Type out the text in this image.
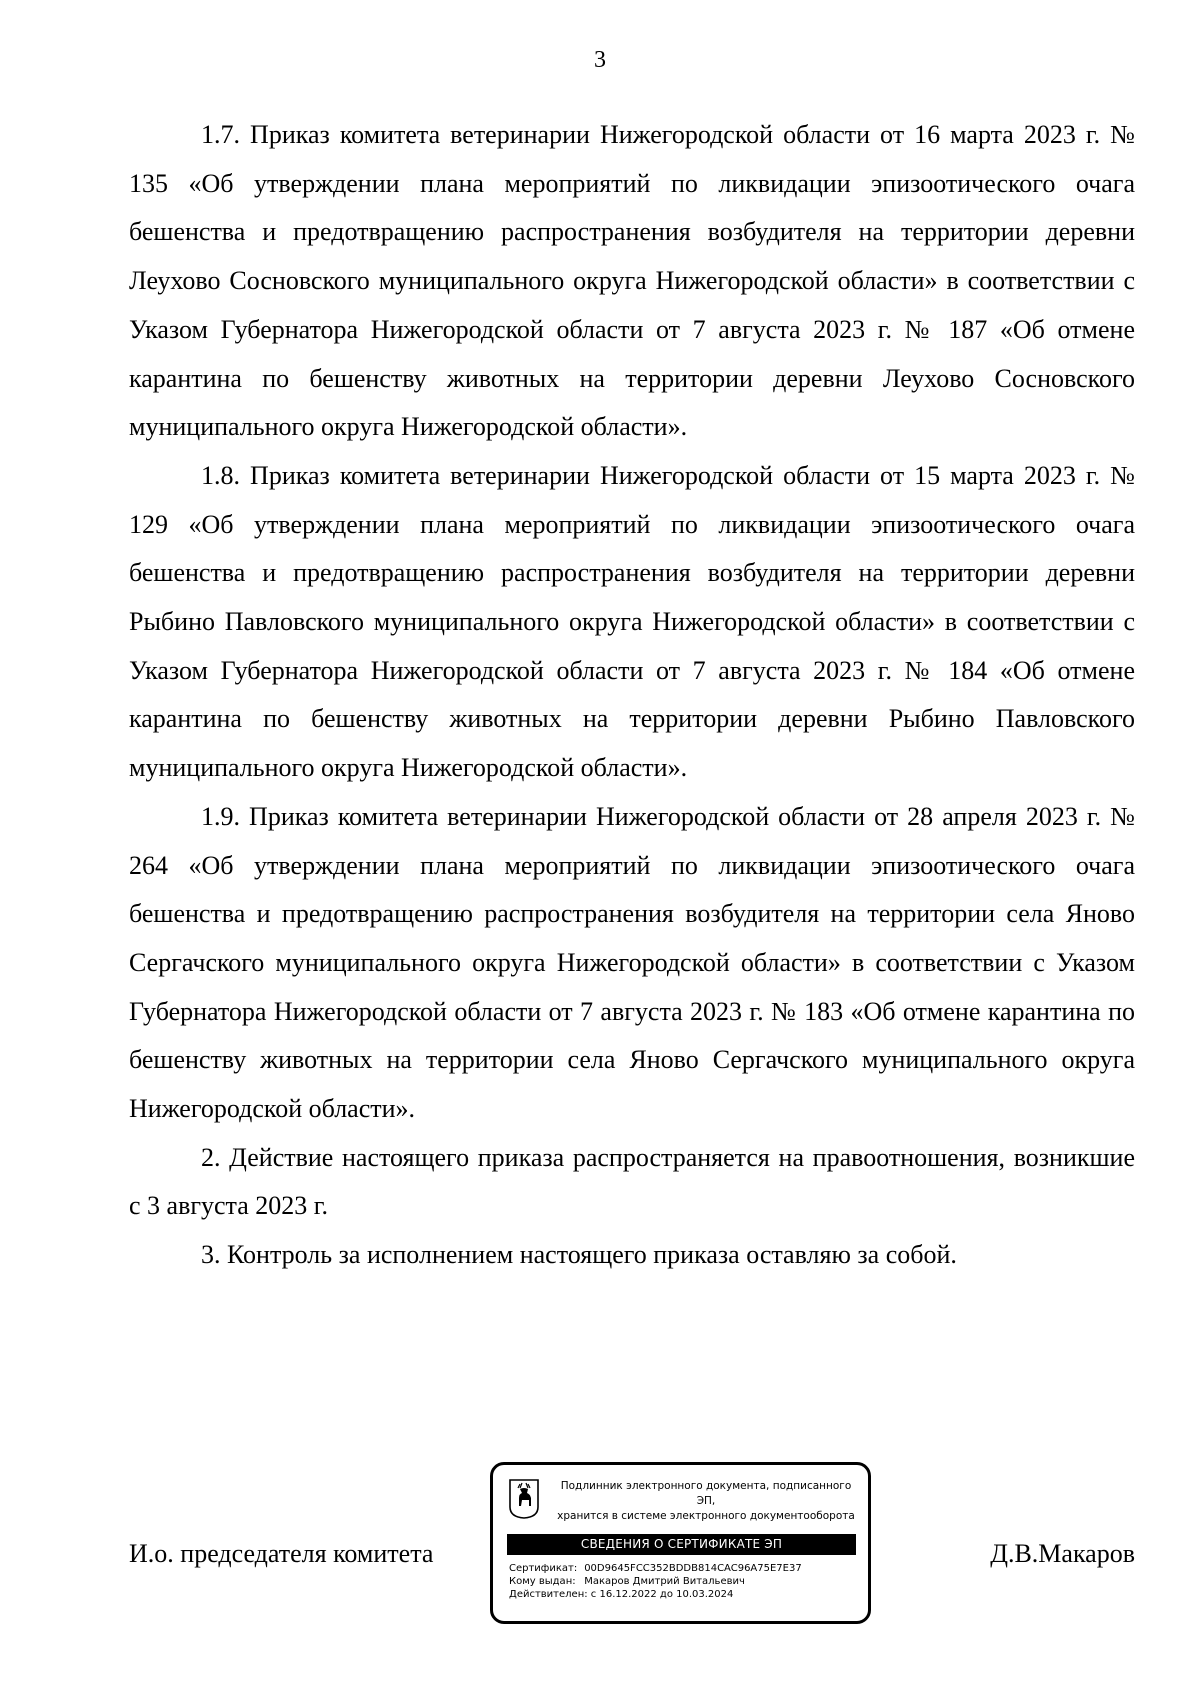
3

1.7. Приказ комитета ветеринарии Нижегородской области от 16 марта 2023 г. № 135 «Об утверждении плана мероприятий по ликвидации эпизоотического очага бешенства и предотвращению распространения возбудителя на территории деревни Леухово Сосновского муниципального округа Нижегородской области» в соответствии с Указом Губернатора Нижегородской области от 7 августа 2023 г. № 187 «Об отмене карантина по бешенству животных на территории деревни Леухово Сосновского муниципального округа Нижегородской области».

1.8. Приказ комитета ветеринарии Нижегородской области от 15 марта 2023 г. № 129 «Об утверждении плана мероприятий по ликвидации эпизоотического очага бешенства и предотвращению распространения возбудителя на территории деревни Рыбино Павловского муниципального округа Нижегородской области» в соответствии с Указом Губернатора Нижегородской области от 7 августа 2023 г. № 184 «Об отмене карантина по бешенству животных на территории деревни Рыбино Павловского муниципального округа Нижегородской области».

1.9. Приказ комитета ветеринарии Нижегородской области от 28 апреля 2023 г. № 264 «Об утверждении плана мероприятий по ликвидации эпизоотического очага бешенства и предотвращению распространения возбудителя на территории села Яново Сергачского муниципального округа Нижегородской области» в соответствии с Указом Губернатора Нижегородской области от 7 августа 2023 г. № 183 «Об отмене карантина по бешенству животных на территории села Яново Сергачского муниципального округа Нижегородской области».

2. Действие настоящего приказа распространяется на правоотношения, возникшие с 3 августа 2023 г.

3. Контроль за исполнением настоящего приказа оставляю за собой.

И.о. председателя комитета
Подлинник электронного документа, подписанного ЭП,
хранится в системе электронного документооборота
СВЕДЕНИЯ О СЕРТИФИКАТЕ ЭП
Сертификат: 00D9645FCC352BDDB814CAC96A75E7E37
Кому выдан: Макаров Дмитрий Витальевич
Действителен: с 16.12.2022 до 10.03.2024
Д.В.Макаров
